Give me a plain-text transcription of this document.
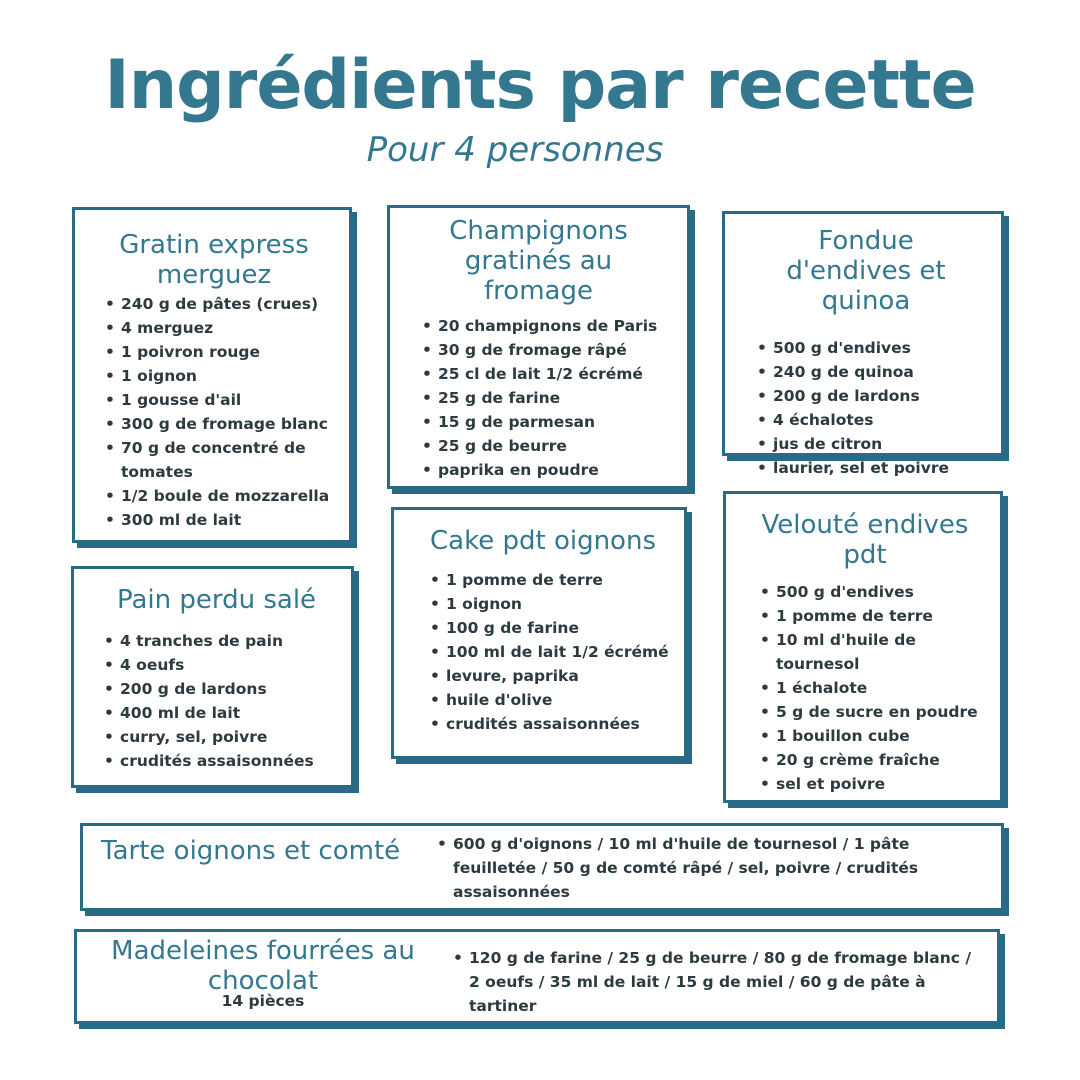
Ingrédients par recette
Pour 4 personnes
Gratin express merguez
• 240 g de pâtes (crues)
• 4 merguez
• 1 poivron rouge
• 1 oignon
• 1 gousse d'ail
• 300 g de fromage blanc
• 70 g de concentré de tomates
• 1/2 boule de mozzarella
• 300 ml de lait
Champignons gratinés au fromage
• 20 champignons de Paris
• 30 g de fromage râpé
• 25 cl de lait 1/2 écrémé
• 25 g de farine
• 15 g de parmesan
• 25 g de beurre
• paprika en poudre
Fondue d'endives et quinoa
• 500 g d'endives
• 240 g de quinoa
• 200 g de lardons
• 4 échalotes
• jus de citron
• laurier, sel et poivre
Pain perdu salé
• 4 tranches de pain
• 4 oeufs
• 200 g de lardons
• 400 ml de lait
• curry, sel, poivre
• crudités assaisonnées
Cake pdt oignons
• 1 pomme de terre
• 1 oignon
• 100 g de farine
• 100 ml de lait 1/2 écrémé
• levure, paprika
• huile d'olive
• crudités assaisonnées
Velouté endives pdt
• 500 g d'endives
• 1 pomme de terre
• 10 ml d'huile de tournesol
• 1 échalote
• 5 g de sucre en poudre
• 1 bouillon cube
• 20 g crème fraîche
• sel et poivre
Tarte oignons et comté
•	600 g d'oignons / 10 ml d'huile de tournesol / 1 pâte feuilletée / 50 g de comté râpé / sel, poivre / crudités assaisonnées
Madeleines fourrées au chocolat
14 pièces
• 120 g de farine / 25 g de beurre / 80 g de fromage blanc / 2 oeufs / 35 ml de lait / 15 g de miel / 60 g de pâte à tartiner
